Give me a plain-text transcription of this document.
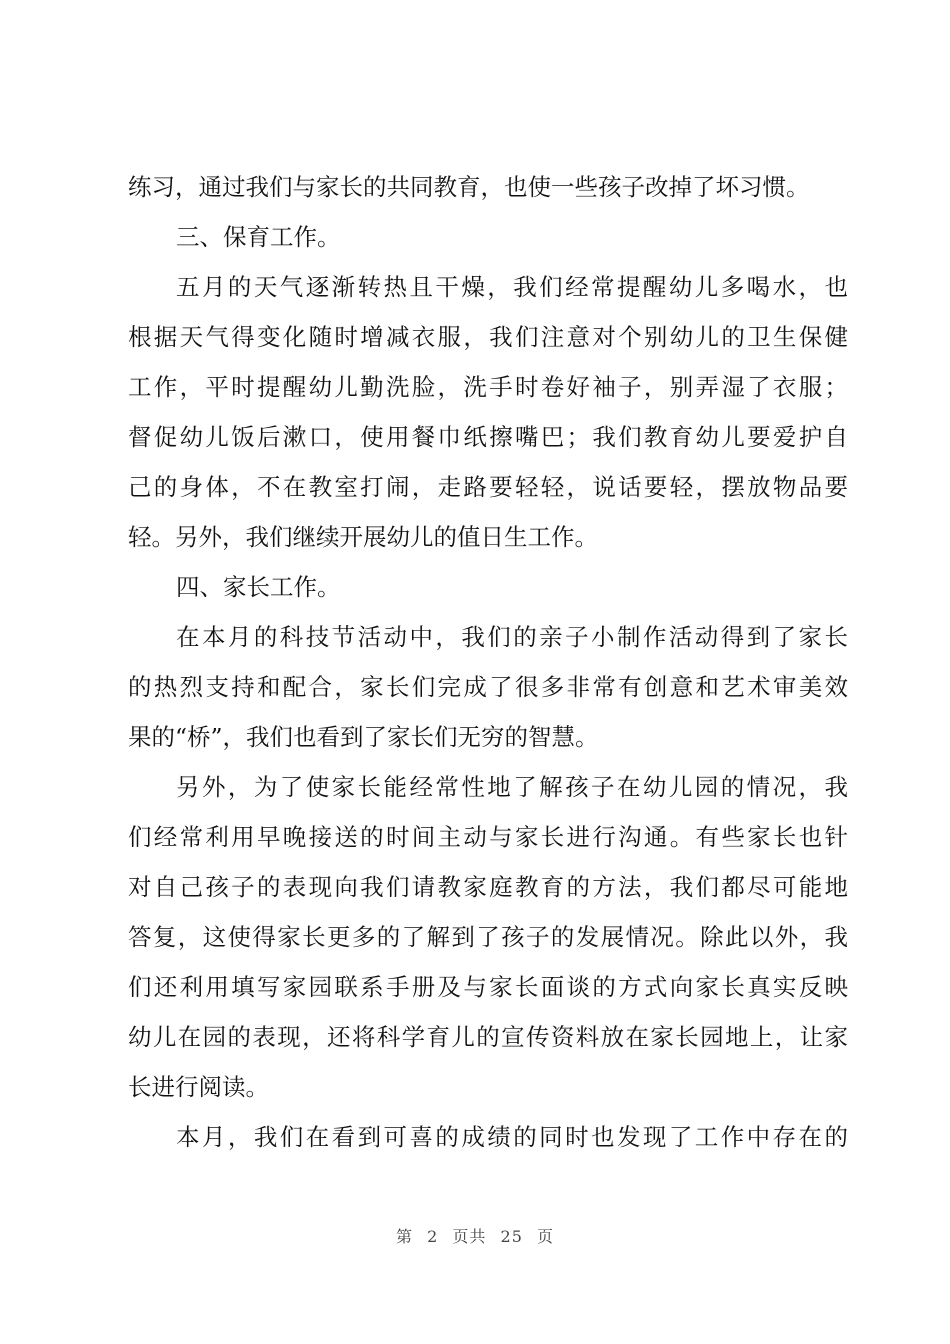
练习，通过我们与家长的共同教育，也使一些孩子改掉了坏习惯。
三、保育工作。
五月的天气逐渐转热且干燥，我们经常提醒幼儿多喝水，也
根据天气得变化随时增减衣服，我们注意对个别幼儿的卫生保健
工作，平时提醒幼儿勤洗脸，洗手时卷好袖子，别弄湿了衣服；
督促幼儿饭后漱口，使用餐巾纸擦嘴巴；我们教育幼儿要爱护自
己的身体，不在教室打闹，走路要轻轻，说话要轻，摆放物品要
轻。另外，我们继续开展幼儿的值日生工作。
四、家长工作。
在本月的科技节活动中，我们的亲子小制作活动得到了家长
的热烈支持和配合，家长们完成了很多非常有创意和艺术审美效
果的“桥”，我们也看到了家长们无穷的智慧。
另外，为了使家长能经常性地了解孩子在幼儿园的情况，我
们经常利用早晚接送的时间主动与家长进行沟通。有些家长也针
对自己孩子的表现向我们请教家庭教育的方法，我们都尽可能地
答复，这使得家长更多的了解到了孩子的发展情况。除此以外，我
们还利用填写家园联系手册及与家长面谈的方式向家长真实反映
幼儿在园的表现，还将科学育儿的宣传资料放在家长园地上，让家
长进行阅读。
本月，我们在看到可喜的成绩的同时也发现了工作中存在的
第 2 页共 25 页
